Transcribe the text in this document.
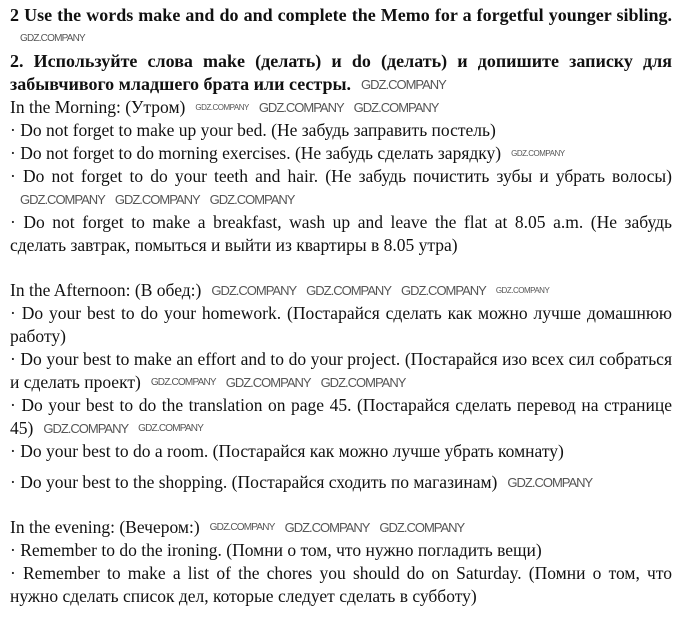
2 Use the words make and do and complete the Memo for a forgetful younger sibling.GDZ.COMPANY

2. Используйте слова make (делать) и do (делать) и допишите записку для забывчивого младшего брата или сестры. GDZ.COMPANY

In the Morning: (Утром) GDZ.COMPANY GDZ.COMPANY GDZ.COMPANY

· Do not forget to make up your bed. (Не забудь заправить постель)

· Do not forget to do morning exercises. (Не забудь сделать зарядку) GDZ.COMPANY

· Do not forget to do your teeth and hair. (Не забудь почистить зубы и убрать волосы)GDZ.COMPANY GDZ.COMPANY GDZ.COMPANY

· Do not forget to make a breakfast, wash up and leave the flat at 8.05 a.m. (Не забудь сделать завтрак, помыться и выйти из квартиры в 8.05 утра)

In the Afternoon: (В обед:) GDZ.COMPANY GDZ.COMPANY GDZ.COMPANY GDZ.COMPANY

· Do your best to do your homework. (Постарайся сделать как можно лучше домашнюю работу)

· Do your best to make an effort and to do your project. (Постарайся изо всех сил собраться и сделать проект) GDZ.COMPANY GDZ.COMPANY GDZ.COMPANY

· Do your best to do the translation on page 45. (Постарайся сделать перевод на странице 45) GDZ.COMPANY GDZ.COMPANY

· Do your best to do a room. (Постарайся как можно лучше убрать комнату)

· Do your best to the shopping. (Постарайся сходить по магазинам) GDZ.COMPANY

In the evening: (Вечером:) GDZ.COMPANY GDZ.COMPANY GDZ.COMPANY

· Remember to do the ironing. (Помни о том, что нужно погладить вещи)

· Remember to make a list of the chores you should do on Saturday. (Помни о том, что нужно сделать список дел, которые следует сделать в субботу)
